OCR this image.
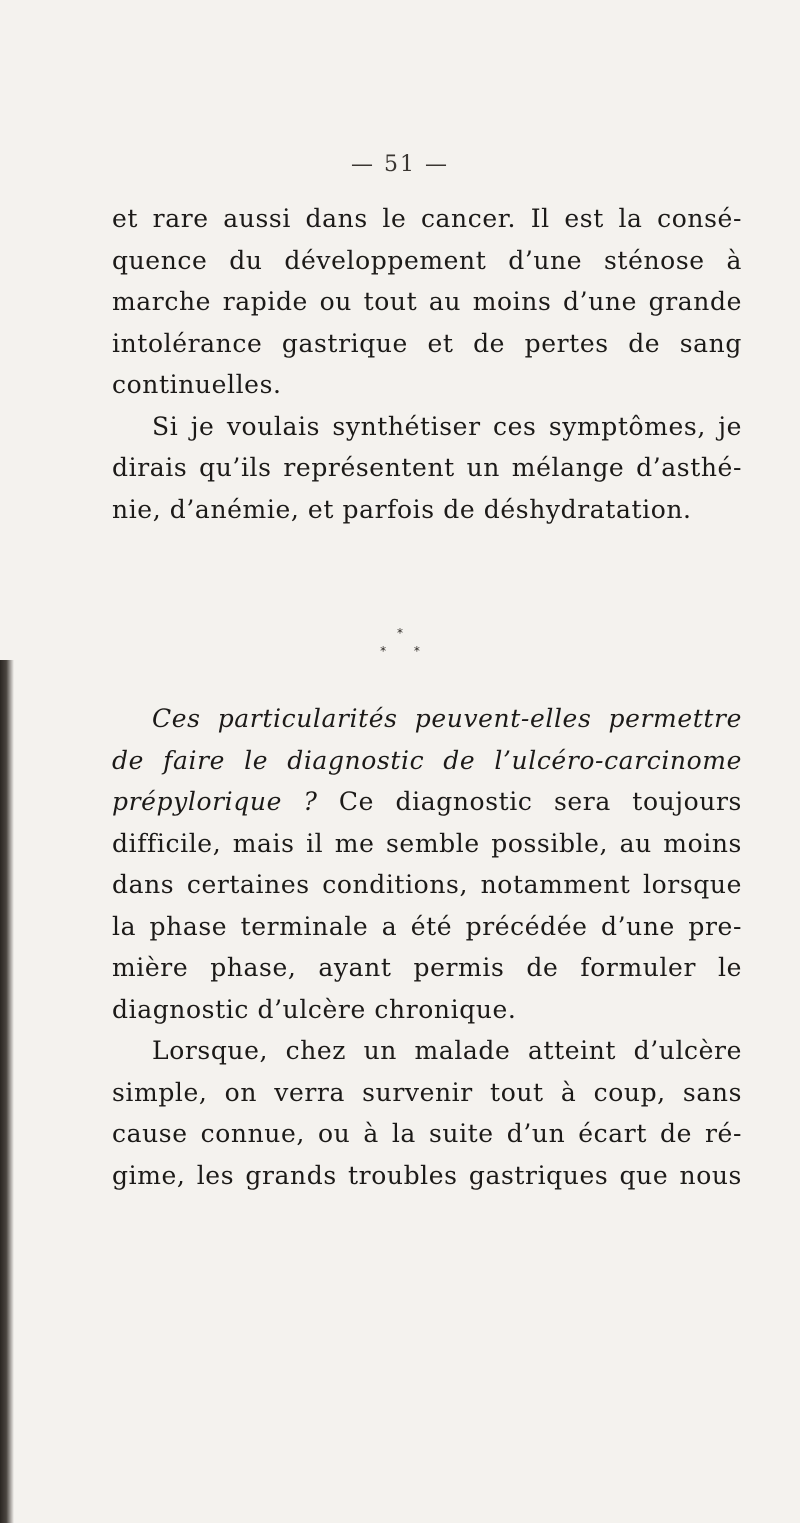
— 51 —
et rare aussi dans le cancer. Il est la consé-
quence du développement d’une sténose à
marche rapide ou tout au moins d’une grande
intolérance gastrique et de pertes de sang
continuelles.
Si je voulais synthétiser ces symptômes, je
dirais qu’ils représentent un mélange d’asthé-
nie, d’anémie, et parfois de déshydratation.
*
* *
Ces particularités peuvent-elles permettre
de faire le diagnostic de l’ulcéro-carcinome
prépylorique ? Ce diagnostic sera toujours
difficile, mais il me semble possible, au moins
dans certaines conditions, notamment lorsque
la phase terminale a été précédée d’une pre-
mière phase, ayant permis de formuler le
diagnostic d’ulcère chronique.
Lorsque, chez un malade atteint d’ulcère
simple, on verra survenir tout à coup, sans
cause connue, ou à la suite d’un écart de ré-
gime, les grands troubles gastriques que nous
